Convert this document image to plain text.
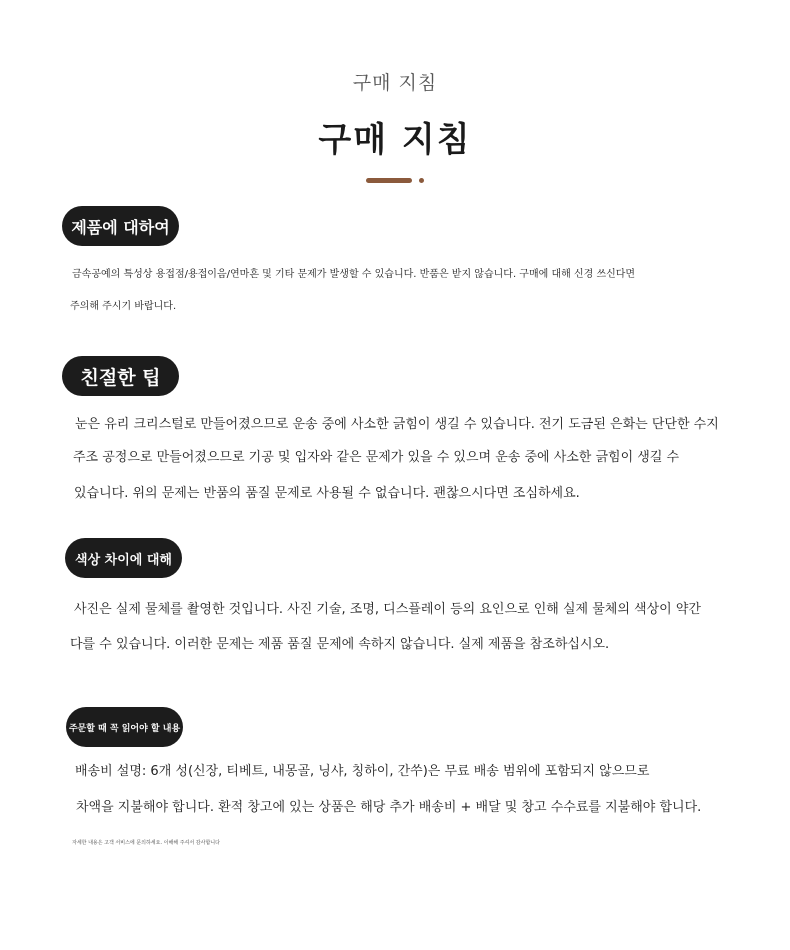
구매 지침
구매 지침
제품에 대하여
금속공예의 특성상 용접점/용접이음/연마흔 및 기타 문제가 발생할 수 있습니다. 반품은 받지 않습니다. 구매에 대해 신경 쓰신다면
주의해 주시기 바랍니다.
친절한 팁
눈은 유리 크리스털로 만들어졌으므로 운송 중에 사소한 긁힘이 생길 수 있습니다. 전기 도금된 은화는 단단한 수지
주조 공정으로 만들어졌으므로 기공 및 입자와 같은 문제가 있을 수 있으며 운송 중에 사소한 긁힘이 생길 수
있습니다. 위의 문제는 반품의 품질 문제로 사용될 수 없습니다. 괜찮으시다면 조심하세요.
색상 차이에 대해
사진은 실제 물체를 촬영한 것입니다. 사진 기술, 조명, 디스플레이 등의 요인으로 인해 실제 물체의 색상이 약간
다를 수 있습니다. 이러한 문제는 제품 품질 문제에 속하지 않습니다. 실제 제품을 참조하십시오.
주문할 때 꼭 읽어야 할 내용
배송비 설명: 6개 성(신장, 티베트, 내몽골, 닝샤, 칭하이, 간쑤)은 무료 배송 범위에 포함되지 않으므로
차액을 지불해야 합니다. 환적 창고에 있는 상품은 해당 추가 배송비 + 배달 및 창고 수수료를 지불해야 합니다.
자세한 내용은 고객 서비스에 문의하세요. 이해해 주셔서 감사합니다
